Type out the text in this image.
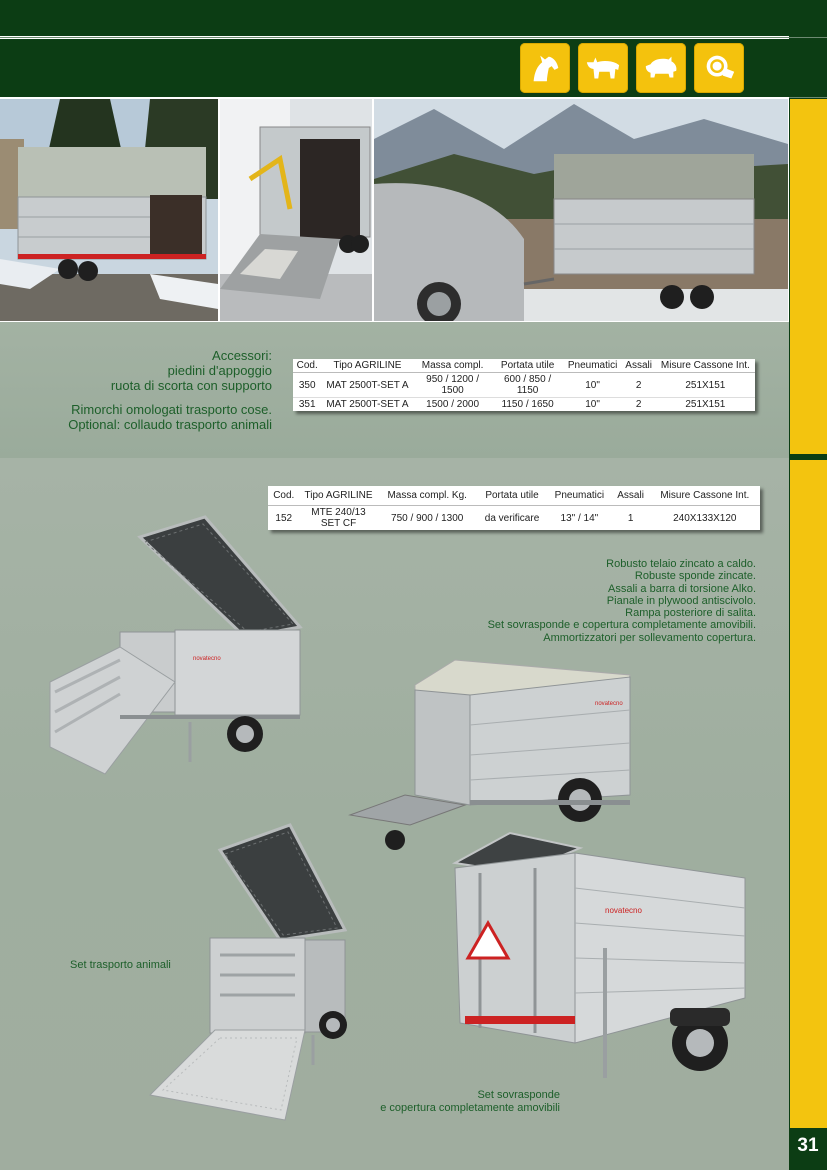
31
Accessori:
piedini d'appoggio
ruota di scorta con supporto
Rimorchi omologati trasporto cose.
Optional: collaudo trasporto animali
Cod.	Tipo AGRILINE	Massa compl.	Portata utile	Pneumatici	Assali	Misure Cassone Int.
350	MAT 2500T-SET A	950 / 1200 / 1500	600 / 850 / 1150	10"	2	251X151
351	MAT 2500T-SET A	1500 / 2000	1150 / 1650	10"	2	251X151
Cod.	Tipo AGRILINE	Massa compl. Kg.	Portata utile	Pneumatici	Assali	Misure Cassone Int.
152	MTE 240/13 SET CF	750 / 900 / 1300	da verificare	13" / 14"	1	240X133X120
Robusto telaio zincato a caldo.
Robuste sponde zincate.
Assali a barra di torsione Alko.
Pianale in plywood antiscivolo.
Rampa posteriore di salita.
Set sovrasponde e copertura completamente amovibili.
Ammortizzatori per sollevamento copertura.
novatecno
novatecno
novatecno
Set trasporto animali
Set sovrasponde
e copertura completamente amovibili
